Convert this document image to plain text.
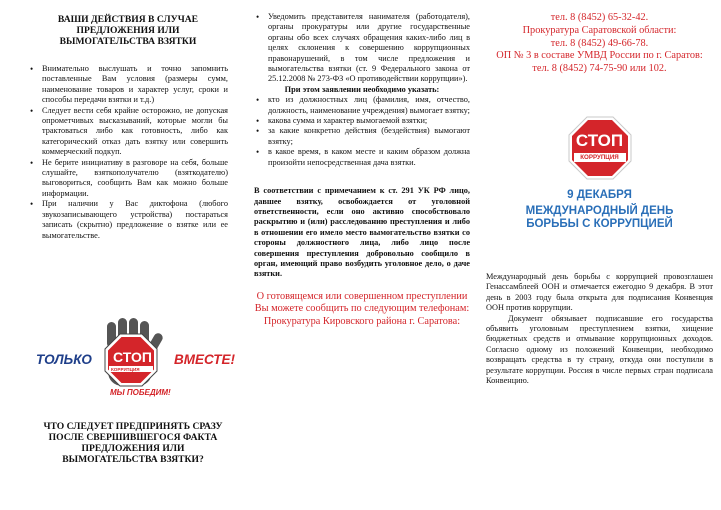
ВАШИ ДЕЙСТВИЯ В СЛУЧАЕ ПРЕДЛОЖЕНИЯ ИЛИ ВЫМОГАТЕЛЬСТВА ВЗЯТКИ
• Внимательно выслушать и точно запомнить поставленные Вам условия (размеры сумм, наименование товаров и характер услуг, сроки и способы передачи взятки и т.д.)
• Следует вести себя крайне осторожно, не допуская опрометчивых высказываний, которые могли бы трактоваться либо как готовность, либо как категорический отказ дать взятку или совершить коммерческий подкуп.
• Не берите инициативу в разговоре на себя, больше слушайте, взяткополучателю (взяткодателю) выговориться, сообщить Вам как можно больше информации.
• При наличии у Вас диктофона (любого звукозаписывающего устройства) постараться записать (скрытно) предложение о взятке или ее вымогательстве.
ТОЛЬКО СТОП
КОРРУПЦИЯ
ВМЕСТЕ!
МЫ ПОБЕДИМ!
ЧТО СЛЕДУЕТ ПРЕДПРИНЯТЬ СРАЗУ ПОСЛЕ СВЕРШИВШЕГОСЯ ФАКТА ПРЕДЛОЖЕНИЯ ИЛИ ВЫМОГАТЕЛЬСТВА ВЗЯТКИ?
• Уведомить представителя нанимателя (работодателя), органы прокуратуры или другие государственные органы обо всех случаях обращения каких-либо лиц в целях склонения к совершению коррупционных правонарушений, в том числе предложения и вымогательства взятки (ст. 9 Федерального закона от 25.12.2008 № 273-ФЗ «О противодействии коррупции»).

При этом заявлении необходимо указать:

• кто из должностных лиц (фамилия, имя, отчество, должность, наименование учреждения) вымогает взятку;
• какова сумма и характер вымогаемой взятки;
• за какие конкретно действия (бездействия) вымогают взятку;
• в какое время, в каком месте и каким образом должна произойти непосредственная дача взятки.

В соответствии с примечанием к ст. 291 УК РФ лицо, давшее взятку, освобождается от уголовной ответственности, если оно активно способствовало раскрытию и (или) расследованию преступления и либо в отношении его имело место вымогательство взятки со стороны должностного лица, либо лицо после совершения преступления добровольно сообщило в орган, имеющий право возбудить уголовное дело, о даче взятки.

О готовящемся или совершенном преступлении Вы можете сообщить по следующим телефонам:

Прокуратура Кировского района г. Саратова:

тел. 8 (8452) 65-32-42.
Прокуратура Саратовской области:
тел. 8 (8452) 49-66-78.
ОП № 3 в составе УМВД России по г. Саратов:
тел. 8 (8452) 74-75-90 или 102.
СТОП
КОРРУПЦИЯ
9 ДЕКАБРЯ
МЕЖДУНАРОДНЫЙ ДЕНЬ
БОРЬБЫ С КОРРУПЦИЕЙ

Международный день борьбы с коррупцией провозглашен Генассамблеей ООН и отмечается ежегодно 9 декабря. В этот день в 2003 году была открыта для подписания Конвенция ООН против коррупции.

Документ обязывает подписавшие его государства объявить уголовным преступлением взятки, хищение бюджетных средств и отмывание коррупционных доходов. Согласно одному из положений Конвенции, необходимо возвращать средства в ту страну, откуда они поступили в результате коррупции. Россия в числе первых стран подписала Конвенцию.
